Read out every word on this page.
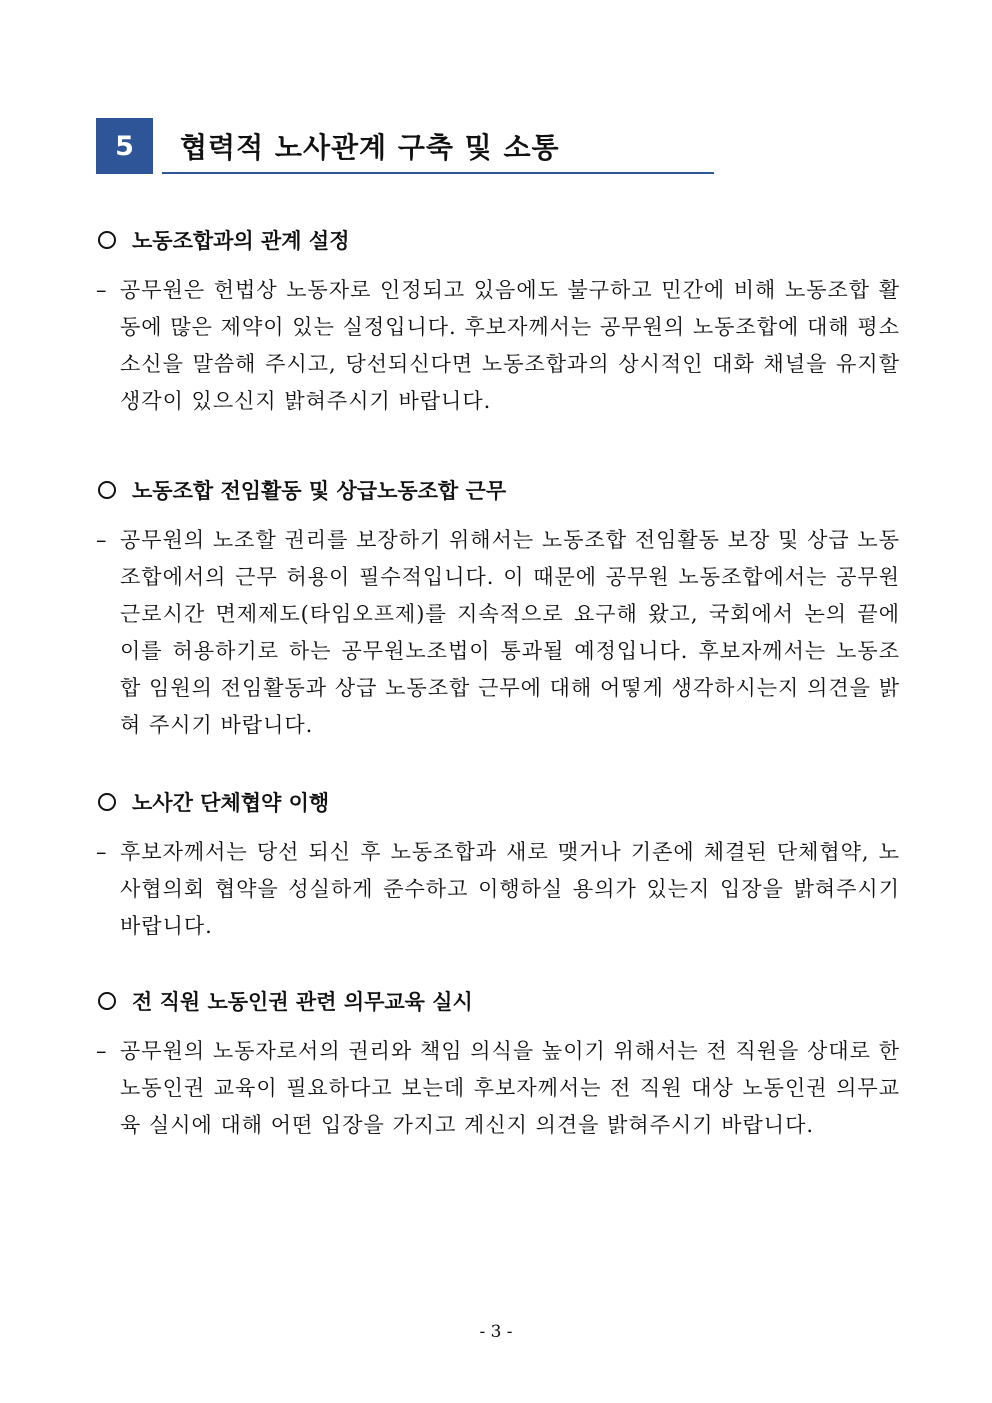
5	협력적 노사관계 구축 및 소통
노동조합과의 관계 설정
– 공무원은 헌법상 노동자로 인정되고 있음에도 불구하고 민간에 비해 노동조합 활동에 많은 제약이 있는 실정입니다. 후보자께서는 공무원의 노동조합에 대해 평소 소신을 말씀해 주시고, 당선되신다면 노동조합과의 상시적인 대화 채널을 유지할 생각이 있으신지 밝혀주시기 바랍니다.
노동조합 전임활동 및 상급노동조합 근무
– 공무원의 노조할 권리를 보장하기 위해서는 노동조합 전임활동 보장 및 상급 노동조합에서의 근무 허용이 필수적입니다. 이 때문에 공무원 노동조합에서는 공무원 근로시간 면제제도(타임오프제)를 지속적으로 요구해 왔고, 국회에서 논의 끝에 이를 허용하기로 하는 공무원노조법이 통과될 예정입니다. 후보자께서는 노동조합 임원의 전임활동과 상급 노동조합 근무에 대해 어떻게 생각하시는지 의견을 밝혀 주시기 바랍니다.
노사간 단체협약 이행
– 후보자께서는 당선 되신 후 노동조합과 새로 맺거나 기존에 체결된 단체협약, 노사협의회 협약을 성실하게 준수하고 이행하실 용의가 있는지 입장을 밝혀주시기 바랍니다.
전 직원 노동인권 관련 의무교육 실시
– 공무원의 노동자로서의 권리와 책임 의식을 높이기 위해서는 전 직원을 상대로 한 노동인권 교육이 필요하다고 보는데 후보자께서는 전 직원 대상 노동인권 의무교육 실시에 대해 어떤 입장을 가지고 계신지 의견을 밝혀주시기 바랍니다.
- 3 -
